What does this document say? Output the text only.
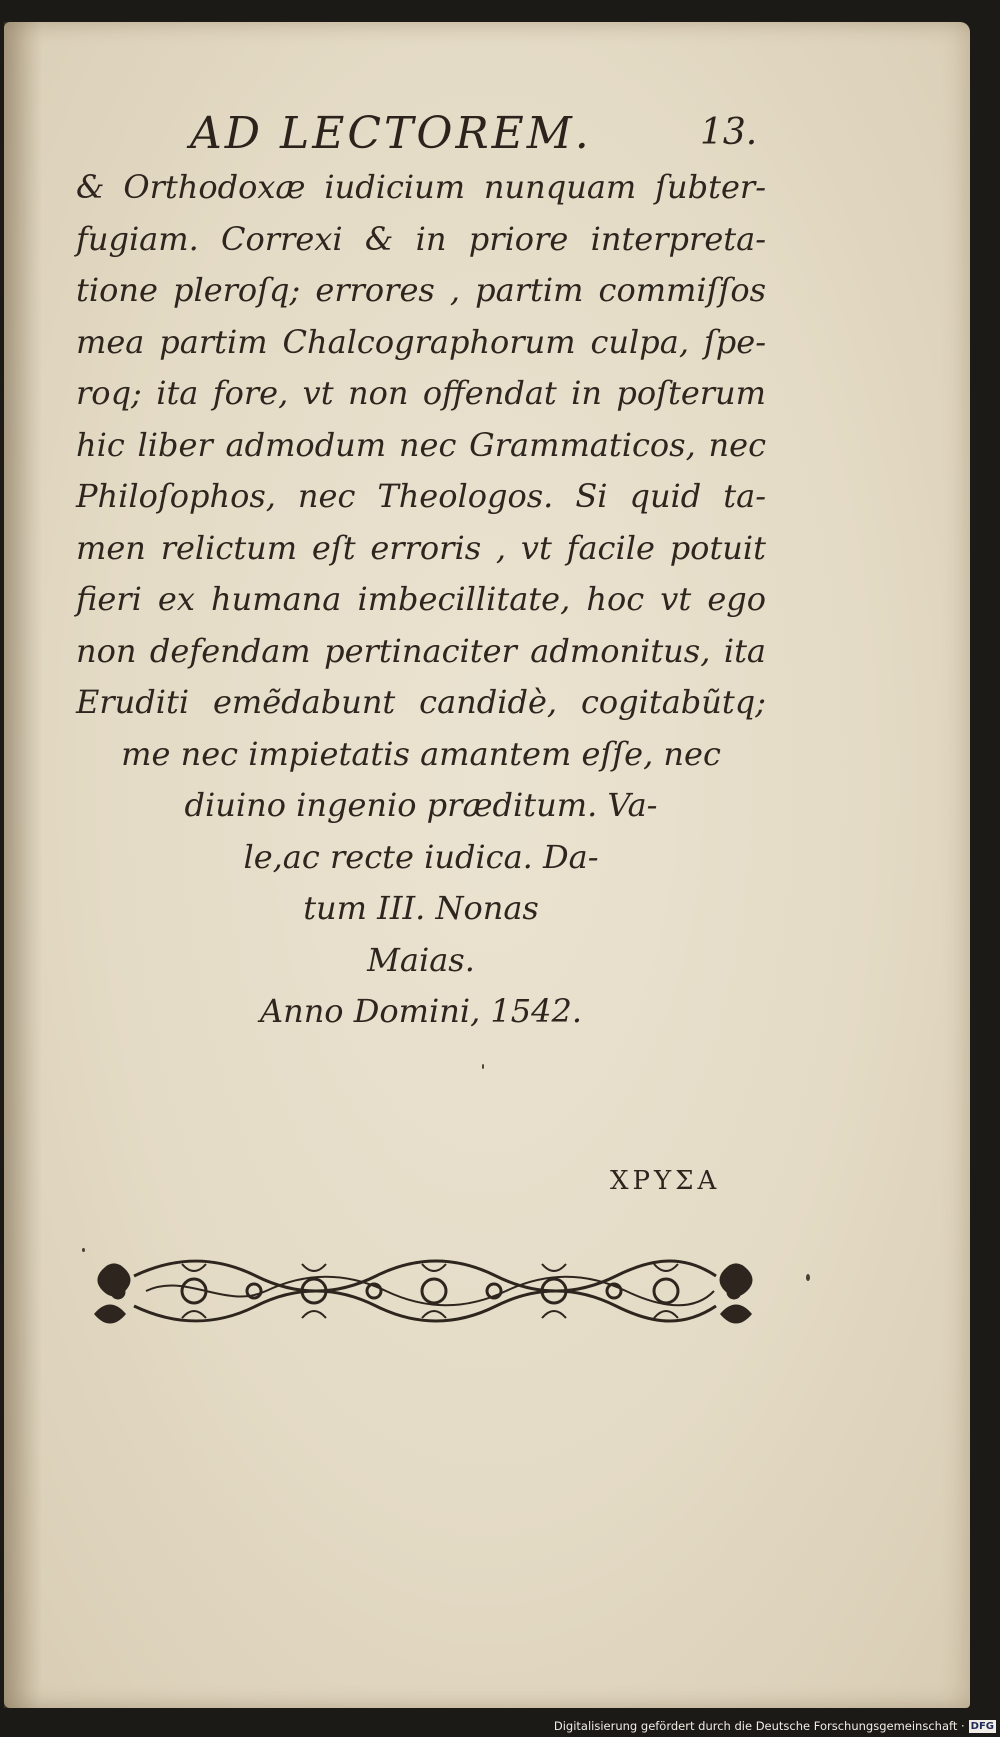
AD LECTOREM.	13.
& Orthodoxæ iudicium nunquam ſubter-
fugiam. Correxi & in priore interpreta-
tione pleroſq; errores , partim commiſſos
mea partim Chalcographorum culpa, ſpe-
roq; ita fore, vt non offendat in poſterum
hic liber admodum nec Grammaticos, nec
Philoſophos, nec Theologos. Si quid ta-
men relictum eſt erroris , vt facile potuit
fieri ex humana imbecillitate, hoc vt ego
non defendam pertinaciter admonitus, ita
Eruditi emẽdabunt candidè, cogitabũtq;
me nec impietatis amantem eſſe, nec
diuino ingenio præditum. Va-
le,ac recte iudica. Da-
tum III. Nonas
Maias.
Anno Domini, 1542.
ΧΡΥΣΑ
Digitalisierung gefördert durch die Deutsche Forschungsgemeinschaft · DFG
